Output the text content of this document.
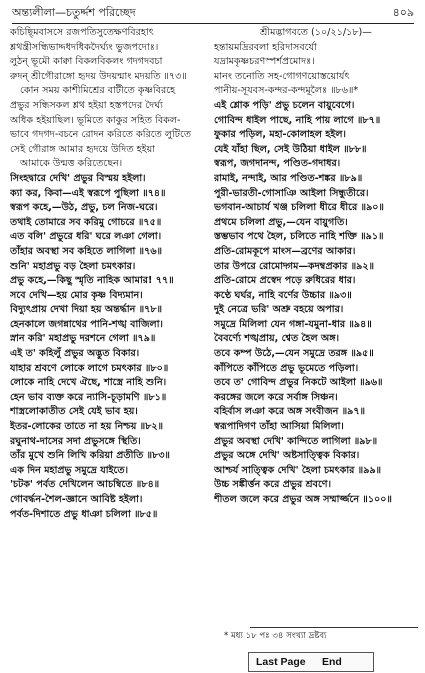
অন্ত্যলীলা—চতুর্দ্দশ পরিচ্ছেদ	৪০৯
কচিছ্মিবাসসে রজপতিসুতেক্ষণবিরহাৎ
শ্লথন্ত্রীসন্ধিভাদ্দধদধিকদৈর্ঘ্যং ভুজপদোঃ।
লুঠন্ ভূমৌ কাক্বা বিকলবিকলং গদগদবচা
রুদন্ শ্রীগৌরাঙ্গো হৃদয় উদয়ন্মাং মদয়তি ॥৭৩॥
কোন সময় কাশীমিশ্রের বাটীতে কৃষ্ণবিরহে
প্রভুর সন্ধিসকল শ্লথ হইয়া হস্তপদের দৈর্ঘ্য
অধিক হইয়াছিল। ভূমিতে কাকুর সহিত বিকল-
ভাবে গদগদ-বচনে রোদন করিতে করিতে লুটিতে
সেই গৌরাঙ্গ আমার হৃদয়ে উদিত হইয়া
আমাকে উন্মত্ত করিতেছেন।
সিংহদ্বারে দেখি' প্রভুর বিস্ময় হইলা।
ক্যা কর, কিবা—এই স্বরূপে পুছিলা ॥৭৪॥
স্বরূপ কহে,—উঠ, প্রভু, চল নিজ-ঘরে।
তথাই তোমারে সব করিমু গোচরে ॥৭৫॥
এত বলি' প্রভুরে ধরি' ঘরে লঞা গেলা।
তাঁহার অবস্থা সব কহিতে লাগিলা ॥৭৬॥
শুনি' মহাপ্রভু বড় হৈলা চমৎকার।
প্রভু কহে,—কিছু স্মৃতি নাহিক আমার! ৭৭॥
সবে দেখি—হয় মোর কৃষ্ণ বিদ্যমান।
বিদ্যুৎপ্রায় দেখা দিয়া হয় অন্তর্দ্ধান ॥৭৮॥
হেনকালে জগন্নাথের পানি-শঙ্খ বাজিলা।
স্নান করি' মহাপ্রভু দরশনে গেলা ॥৭৯॥
এই ত' কহিলুঁ প্রভুর অদ্ভুত বিকার।
যাহার শ্রবণে লোকে লাগে চমৎকার ॥৮০॥
লোকে নাহি দেখে ঐছে, শাস্ত্রে নাহি শুনি।
হেন ভাব ব্যক্ত করে ন্যাসি-চূড়ামণি ॥৮১॥
শাস্ত্রলোকাতীত সেই যেই ভাব হয়।
ইতর-লোকের তাতে না হয় নিশ্চয় ॥৮২॥
রঘুনাথ-দাসের সদা প্রভুসঙ্গে স্থিতি।
তাঁর মুখে শুনি লিখি করিয়া প্রতীতি ॥৮৩॥
এক দিন মহাপ্রভু সমুদ্রে যাইতে।
'চটক' পর্বত দেখিলেন আচম্বিতে ॥৮৪॥
গোবর্দ্ধন-শৈল-জ্ঞানে আবিষ্ট হইলা।
পর্বত-দিশাতে প্রভু ধাঞা চলিলা ॥৮৫॥
শ্রীমদ্ভাগবতে (১০/২১/১৮)—
হন্তায়মদ্রিরবলা হরিদাসবর্যো
যদ্রামকৃষ্ণচরণস্পর্শপ্রমোদঃ।
মানং তনোতি সহ-গোগণয়োস্তয়োর্যৎ
পানীয়-সূযবস-কন্দর-কন্দমূলৈঃ ॥৮৬॥*
এই শ্লোক পড়ি' প্রভু চলেন বায়ুবেগে।
গোবিন্দ ধাইল পাছে, নাহি পায় লাগে ॥৮৭॥
ফুকার পড়িল, মহা-কোলাহল হইল।
যেই যাঁহা ছিল, সেই উঠিয়া ধাইল ॥৮৮॥
স্বরূপ, জগদানন্দ, পণ্ডিত-গদাধর।
রামাই, নন্দাই, আর পণ্ডিত-শঙ্কর ॥৮৯॥
পুরী-ভারতী-গোসাঞি আইলা সিন্ধুতীরে।
ভগবান-আচার্য খঞ্জ চলিলা ধীরে ধীরে ॥৯০॥
প্রথমে চলিলা প্রভু,—যেন বায়ুগতি।
স্তম্ভভাব পথে হৈল, চলিতে নাহি শক্তি ॥৯১॥
প্রতি-রোমকূপে মাংস—ব্রণের আকার।
তার উপরে রোমোদ্গম—কদম্বপ্রকার ॥৯২॥
প্রতি-রোমে প্রস্বেদ পড়ে রুধিরের ধার।
কণ্ঠে ঘর্ঘর, নাহি বর্ণের উচ্চার ॥৯৩॥
দুই নেত্রে ভরি' অশ্রু বহয়ে অপার।
সমুদ্রে মিলিলা যেন গঙ্গা-যমুনা-ধার ॥৯৪॥
বৈবর্ণ্যে শঙ্খপ্রায়, শ্বেত হৈল অঙ্গ।
তবে কম্প উঠে,—যেন সমুদ্রে তরঙ্গ ॥৯৫॥
কাঁপিতে কাঁপিতে প্রভু ভূমেতে পড়িলা।
তবে ত' গোবিন্দ প্রভুর নিকটে আইলা ॥৯৬॥
করঙ্গের জলে করে সর্বাঙ্গ সিঞ্চন।
বহির্বাস লঞা করে অঙ্গ সংবীজন ॥৯৭॥
স্বরূপাদিগণ তাঁহা আসিয়া মিলিলা।
প্রভুর অবস্থা দেখি' কান্দিতে লাগিলা ॥৯৮॥
প্রভুর অঙ্গে দেখি' অষ্টসাত্ত্বিক বিকার।
আশ্চর্য সাত্ত্বিক দেখি' হৈলা চমৎকার ॥৯৯॥
উচ্চ সঙ্কীর্ত্তন করে প্রভুর শ্রবণে।
শীতল জলে করে প্রভুর অঙ্গ সম্মার্জ্জনে ॥১০০॥
* মধ্য ১৮ পঃ ৩৪ সংখ্যা দ্রষ্টব্য
Last Page End
